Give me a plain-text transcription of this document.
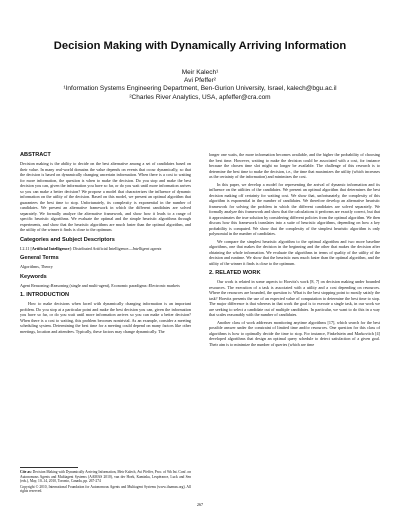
Decision Making with Dynamically Arriving Information
Meir Kalech¹
Avi Pfeffer²
¹Information Systems Engineering Department, Ben-Gurion University, Israel, kalech@bgu.ac.il
²Charles River Analytics, USA, apfeffer@cra.com
ABSTRACT

Decision making is the ability to decide on the best alternative among a set of candidates based on their value. In many real-world domains the value depends on events that occur dynamically, so that the decision is based on dynamically changing uncertain information. When there is a cost to waiting for more information, the question is when to make the decision. Do you stop and make the best decision you can, given the information you have so far, or do you wait until more information arrives so you can make a better decision? We propose a model that characterizes the influence of dynamic information on the utility of the decision. Based on this model, we present an optimal algorithm that guarantees the best time to stop. Unfortunately, its complexity is exponential in the number of candidates. We present an alternative framework in which the different candidates are solved separately. We formally analyze the alternative framework, and show how it leads to a range of specific heuristic algorithms. We evaluate the optimal and the simple heuristic algorithms through experiments, and show that the heuristic algorithms are much faster than the optimal algorithm, and the utility of the winner it finds is close to the optimum.

Categories and Subject Descriptors

I.2.11 [Artificial Intelligence]: Distributed Artificial Intelligence—Intelligent agents

General Terms

Algorithms, Theory

Keywords

Agent Reasoning::Reasoning (single and multi-agent), Economic paradigms::Electronic markets

1. INTRODUCTION

How to make decisions when faced with dynamically changing information is an important problem. Do you stop at a particular point and make the best decision you can, given the information you have so far, or do you wait until more information arrives so you can make a better decision? When there is a cost to waiting, this problem becomes nontrivial. As an example, consider a meeting scheduling system. Determining the best time for a meeting could depend on many factors like other meetings, location and attendees. Typically, these factors may change dynamically. The

Cite as: Decision Making with Dynamically Arriving Information, Meir Kalech, Avi Pfeffer, Proc. of 9th Int. Conf. on Autonomous Agents and Multiagent Systems (AAMAS 2010), van der Hoek, Kaminka, Lespérance, Luck and Sen (eds.), May, 10–14, 2010, Toronto, Canada, pp. 267-274

Copyright © 2010, International Foundation for Autonomous Agents and Multiagent Systems (www.ifaamas.org). All rights reserved.

longer one waits, the more information becomes available, and the higher the probability of choosing the best time. However, waiting to make the decision could be associated with a cost, for instance because the chosen time slot might no longer be available. The challenge of this research is to determine the best time to make the decision, i.e., the time that maximizes the utility (which increases as the certainty of the information) and minimizes the cost.

In this paper, we develop a model for representing the arrival of dynamic information and its influence on the utilities of the candidates. We present an optimal algorithm that determines the best decision making off certainty for waiting cost. We show that, unfortunately, the complexity of this algorithm is exponential in the number of candidates. We therefore develop an alternative heuristic framework for solving the problem in which the different candidates are solved separately. We formally analyze this framework and show that the calculations it performs are exactly correct, but that it approximates the true solution by considering different policies from the optimal algorithm. We then discuss how this framework translates into a suite of heuristic algorithms, depending on how a key probability is computed. We show that the complexity of the simplest heuristic algorithm is only polynomial in the number of candidates.

We compare the simplest heuristic algorithm to the optimal algorithm and two more baseline algorithms, one that makes the decision in the beginning and the other that makes the decision after obtaining the whole information. We evaluate the algorithms in terms of quality of the utility of the decision and runtime. We show that the heuristic runs much faster than the optimal algorithm, and the utility of the winner it finds is close to the optimum.

2. RELATED WORK

Our work is related in some aspects to Horvitz's work [8, 7] on decision making under bounded resources. The execution of a task is associated with a utility and a cost depending on resources. Where the resources are bounded, the question is: What is the best stopping point to mostly satisfy the task? Horvitz presents the use of an expected value of computation to determine the best time to stop. The major difference is that whereas in that work the goal is to execute a single task, in our work we are seeking to select a candidate out of multiple candidates. In particular, we want to do this in a way that scales reasonably with the number of candidates.

Another class of work addresses monitoring anytime algorithms [17], which search for the best possible answer under the constraint of limited time and/or resources. One question for this class of algorithms is how to optimally decide the time to stop. For instance, Finkelstein and Markovitch [4] developed algorithms that design an optimal query schedule to detect satisfaction of a given goal. Their aim is to minimize the number of queries (which are time

267
